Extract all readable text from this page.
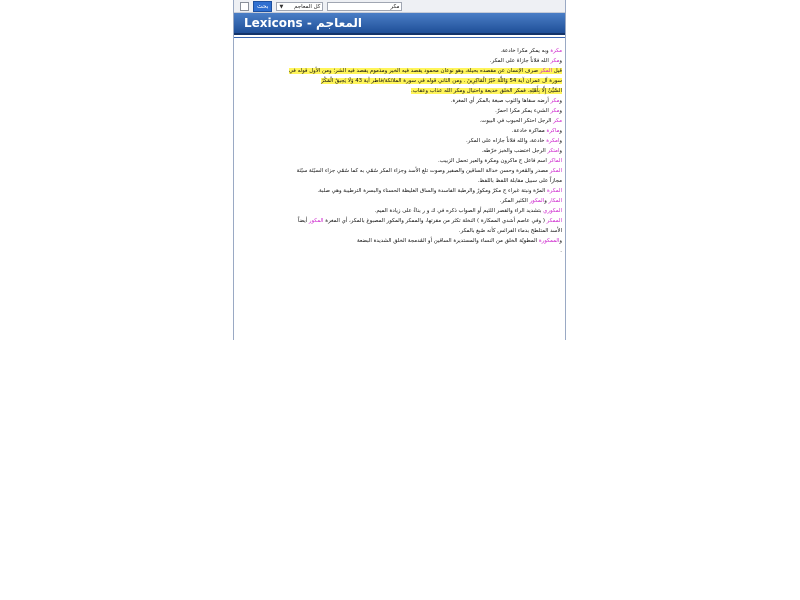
بحث	▼ كل المعاجم	مكر
Lexicons - المعاجم
مكرة وبه يمكر مكرا خادعة.
ومكر الله فلاناً جازاهُ على المكر.
قيل المكر صرف الإنسان عن مقصده بحيلة، وهو نوعان محمود يقصد فيه الخير ومذموم يقصد فيه الشر؛ ومن الأول قوله في
سورة آل عمران آية 54 وَاللَّهُ خَيْرُ الْمَاكِرِينَ . ومن الثاني قوله في سورة الملائكة/فاطر آية 43 وَلَا يَحِيقُ الْمَكْرُ
السَّيِّئُ إِلَّا بِأَهْلِهِ. فمكر الخلق خديعة واحتيال ومكر الله عذاب وعقاب.
ومكر أرضه سقاها والثوب صبغة بالمكر أي المغرة.
ومكر الشيء يمكر مكرا احمرّ.
مكر الرجل احتكر الحبوب في البيوت.
وماكرة مماكرة خادعة.
وامكرة خادعة، والله فلاناً جازاه على المكر.
وامتكر الرجل اختضب والخبز خرّطه.
الماكر اسم فاعل ج ماكرون ومكرة والعير تحمل الزبيب.
المكر مصدر والمُغرة وحسن خدالة الساقين والصفير وصوت تلغ الأسد وجزاء المكر سُمّي به كما سُمّي جزاء السيّئة سيّئة
مجازاً على سبيل مقابلة اللفظ باللفظ.
المكرة المرّة ونبتة غبراء ج مكرٌ ومكورٌ والرطبة الفاسدة والساق الغليظة الحسناء والبسرة الترطيبة وهي صلبة.
المكار والمكور الكثير المكر.
المكوري بتشديد الراء والقصر اللئيم أو الصواب ذكره في ك و ر بناءً على زيادة الميم.
الممكر ( وفي عاصم أشدي الممكارة ) النخلة تكثر من مقرتها، والممكر والمكور المصبوغ بالمكر، أي المغرة المكور أيضاً
الأسد المتلطخ بدماء الفرائس كأنه صُبغ بالمكر.
والممكورة المطويّة الخلق من النساء والمستديرة الساقين أو المُدمجة الخلق الشديدة البضعة
.
